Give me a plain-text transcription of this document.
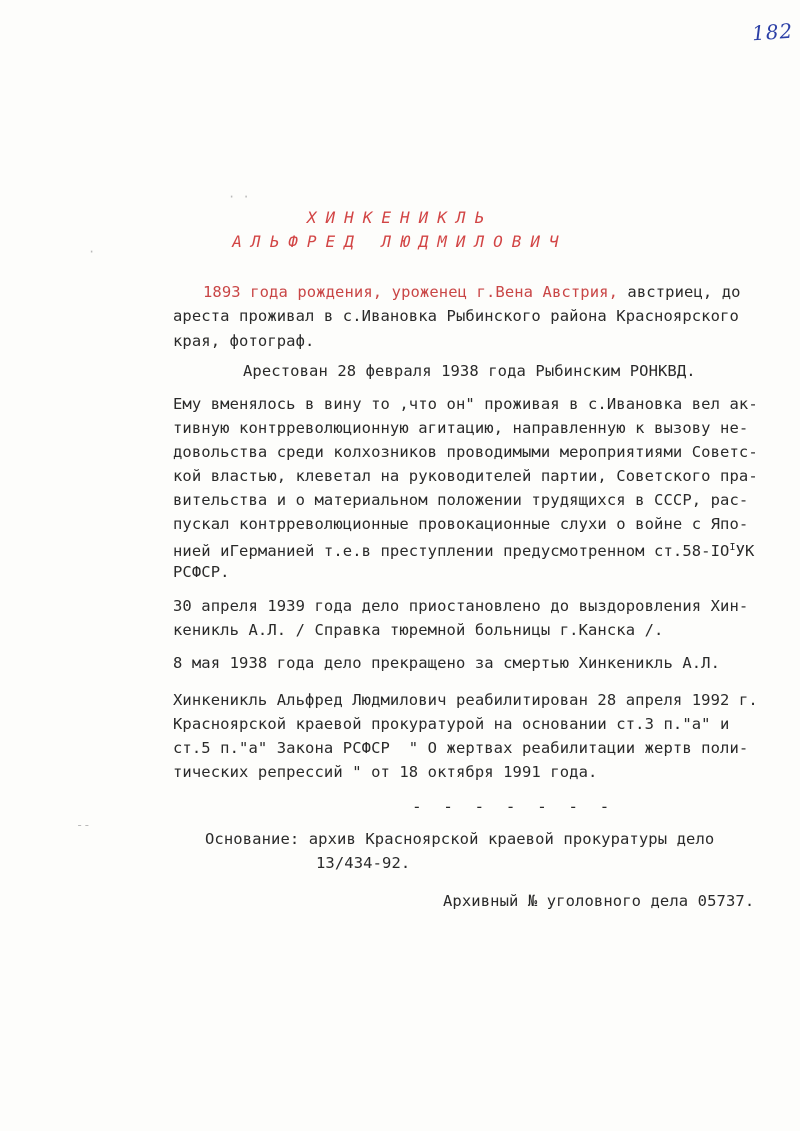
182
· ·
·
‐‐
ХИНКЕНИКЛЬ
АЛЬФРЕД ЛЮДМИЛОВИЧ
1893 года рождения, уроженец г.Вена Австрия, австриец, до
ареста проживал в с.Ивановка Рыбинского района Красноярского
края, фотограф.
Арестован 28 февраля 1938 года Рыбинским РОНКВД.
Ему вменялось в вину то ,что он" проживая в с.Ивановка вел ак-
тивную контрреволюционную агитацию, направленную к вызову не-
довольства среди колхозников проводимыми мероприятиями Советс-
кой властью, клеветал на руководителей партии, Советского пра-
вительства и о материальном положении трудящихся в СССР, рас-
пускал контрреволюционные провокационные слухи о войне с Япо-
нией иГерманией т.е.в преступлении предусмотренном $ст.58-IO^IУК$
РСФСР.
30 апреля 1939 года дело приостановлено до выздоровления Хин-
кеникль А.Л. / Справка тюремной больницы г.Канска /.
8 мая 1938 года дело прекращено за смертью Хинкеникль А.Л.
Хинкеникль Альфред Людмилович реабилитирован 28 апреля 1992 г.
Красноярской краевой прокуратурой на основании ст.3 п."а" и
ст.5 п."а" Закона РСФСР  " О жертвах реабилитации жертв поли-
тических репрессий " от 18 октября 1991 года.
- - - - - - -
Основание: архив Красноярской краевой прокуратуры дело
13/434-92.
Архивный № уголовного дела 05737.
